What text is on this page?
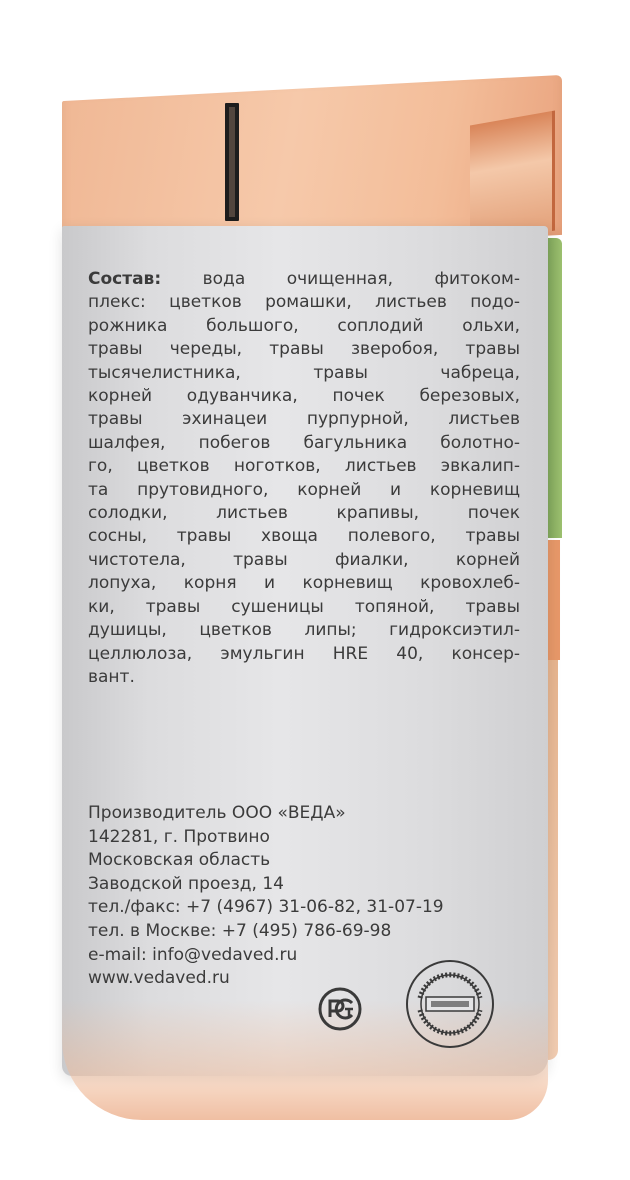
Состав: вода очищенная, фитоком-
плекс: цветков ромашки, листьев подо-
рожника большого, соплодий ольхи,
травы череды, травы зверобоя, травы
тысячелистника, травы чабреца,
корней одуванчика, почек березовых,
травы эхинацеи пурпурной, листьев
шалфея, побегов багульника болотно-
го, цветков ноготков, листьев эвкалип-
та прутовидного, корней и корневищ
солодки, листьев крапивы, почек
сосны, травы хвоща полевого, травы
чистотела, травы фиалки, корней
лопуха, корня и корневищ кровохлеб-
ки, травы сушеницы топяной, травы
душицы, цветков липы; гидроксиэтил-
целлюлоза, эмульгин HRE 40, консер-
вант.
Производитель ООО «ВЕДА»
142281, г. Протвино
Московская область
Заводской проезд, 14
тел./факс: +7 (4967) 31-06-82, 31-07-19
тел. в Москве: +7 (495) 786-69-98
e-mail: info@vedaved.ru
www.vedaved.ru
